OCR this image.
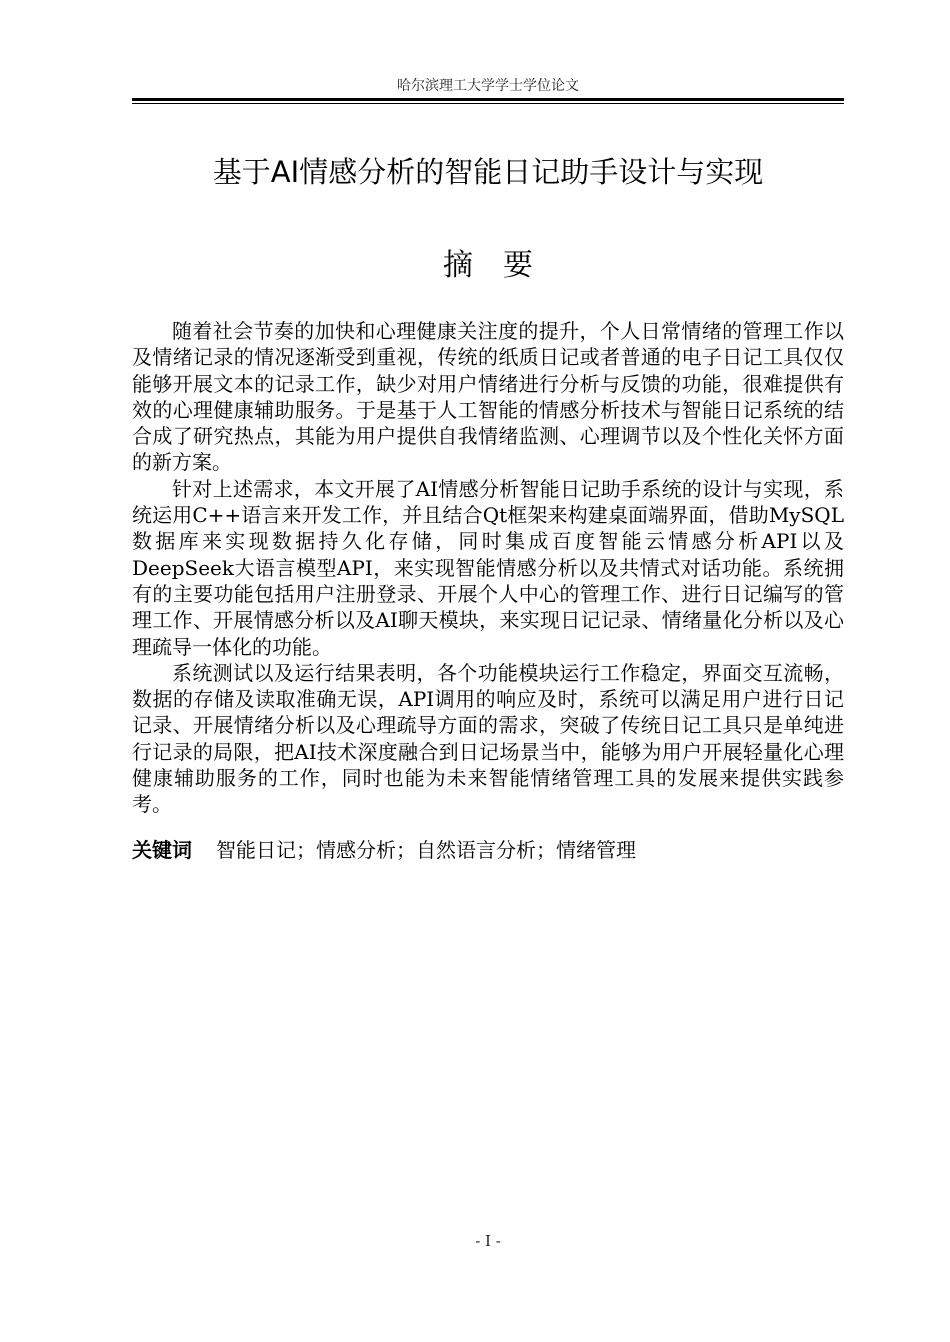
哈尔滨理工大学学士学位论文
基于AI情感分析的智能日记助手设计与实现
摘要

随着社会节奏的加快和心理健康关注度的提升，个人日常情绪的管理工作以及情绪记录的情况逐渐受到重视，传统的纸质日记或者普通的电子日记工具仅仅能够开展文本的记录工作，缺少对用户情绪进行分析与反馈的功能，很难提供有效的心理健康辅助服务。于是基于人工智能的情感分析技术与智能日记系统的结合成了研究热点，其能为用户提供自我情绪监测、心理调节以及个性化关怀方面的新方案。

针对上述需求，本文开展了AI情感分析智能日记助手系统的设计与实现，系统运用C++语言来开发工作，并且结合Qt框架来构建桌面端界面，借助MySQL数据库来实现数据持久化存储，同时集成百度智能云情感分析API以及DeepSeek大语言模型API，来实现智能情感分析以及共情式对话功能。系统拥有的主要功能包括用户注册登录、开展个人中心的管理工作、进行日记编写的管理工作、开展情感分析以及AI聊天模块，来实现日记记录、情绪量化分析以及心理疏导一体化的功能。

系统测试以及运行结果表明，各个功能模块运行工作稳定，界面交互流畅，数据的存储及读取准确无误，API调用的响应及时，系统可以满足用户进行日记记录、开展情绪分析以及心理疏导方面的需求，突破了传统日记工具只是单纯进行记录的局限，把AI技术深度融合到日记场景当中，能够为用户开展轻量化心理健康辅助服务的工作，同时也能为未来智能情绪管理工具的发展来提供实践参考。

关键词 智能日记；情感分析；自然语言分析；情绪管理
- I -
